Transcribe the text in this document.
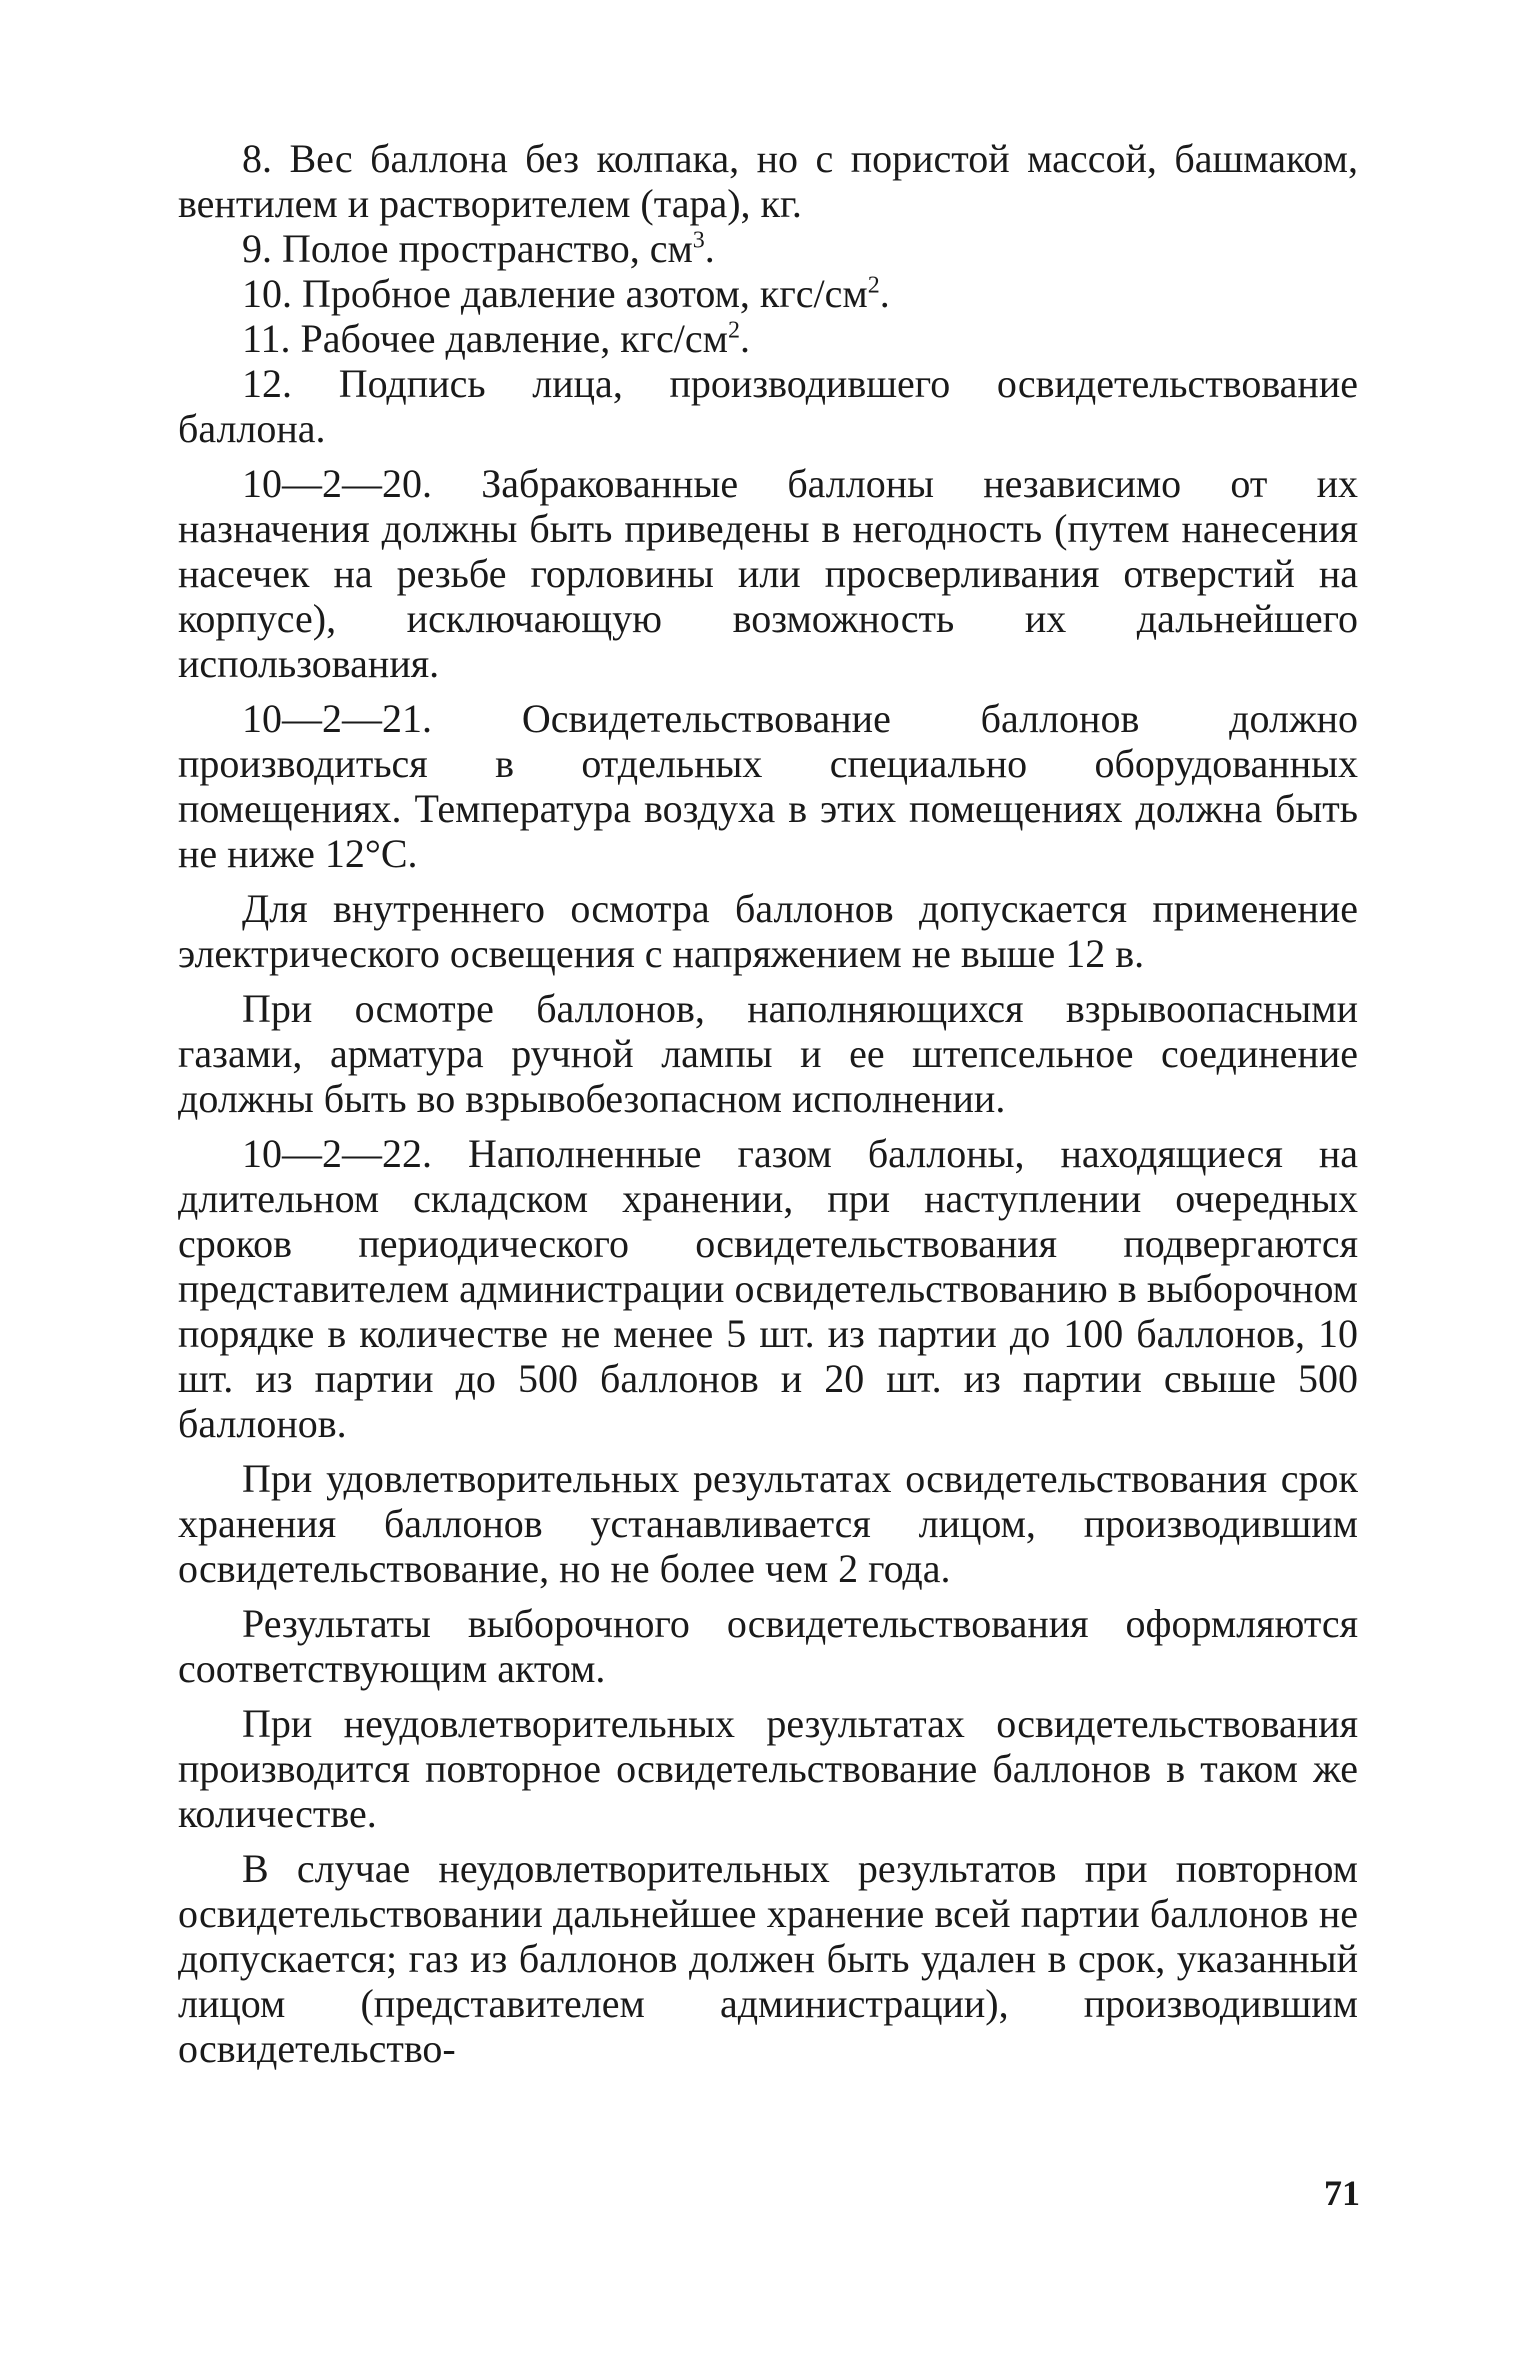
8. Вес баллона без колпака, но с пористой массой, башмаком, вентилем и растворителем (тара), кг.

9. Полое пространство, $см^3$.

10. Пробное давление азотом, кгс/$см^2$.

11. Рабочее давление, кгс/$см^2$.

12. Подпись лица, производившего освидетельствование баллона.

10—2—20. Забракованные баллоны независимо от их назначения должны быть приведены в негодность (путем нанесения насечек на резьбе горловины или просверливания отверстий на корпусе), исключающую возможность их дальнейшего использования.

10—2—21. Освидетельствование баллонов должно производиться в отдельных специально оборудованных помещениях. Температура воздуха в этих помещениях должна быть не ниже 12°С.

Для внутреннего осмотра баллонов допускается применение электрического освещения с напряжением не выше 12 в.

При осмотре баллонов, наполняющихся взрывоопасными газами, арматура ручной лампы и ее штепсельное соединение должны быть во взрывобезопасном исполнении.

10—2—22. Наполненные газом баллоны, находящиеся на длительном складском хранении, при наступлении очередных сроков периодического освидетельствования подвергаются представителем администрации освидетельствованию в выборочном порядке в количестве не менее 5 шт. из партии до 100 баллонов, 10 шт. из партии до 500 баллонов и 20 шт. из партии свыше 500 баллонов.

При удовлетворительных результатах освидетельствования срок хранения баллонов устанавливается лицом, производившим освидетельствование, но не более чем 2 года.

Результаты выборочного освидетельствования оформляются соответствующим актом.

При неудовлетворительных результатах освидетельствования производится повторное освидетельствование баллонов в таком же количестве.

В случае неудовлетворительных результатов при повторном освидетельствовании дальнейшее хранение всей партии баллонов не допускается; газ из баллонов должен быть удален в срок, указанный лицом (представителем администрации), производившим освидетельство-

71
